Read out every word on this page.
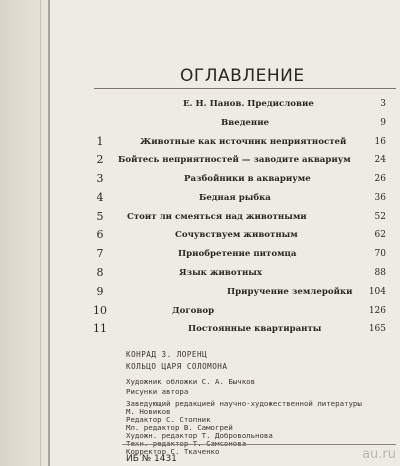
ОГЛАВЛЕНИЕ
Е. Н. Панов. Предисловие	3
Введение	9
1	Животные как источник неприятностей	16
2	Бойтесь неприятностей — заводите аквариум	24
3	Разбойники в аквариуме	26
4	Бедная рыбка	36
5	Стоит ли смеяться над животными	52
6	Сочувствуем животным	62
7	Приобретение питомца	70
8	Язык животных	88
9	Приручение землеройки 104
10	Договор	126
11	Постоянные квартиранты	165
КОНРАД З. ЛОРЕНЦ
КОЛЬЦО ЦАРЯ СОЛОМОНА
Художник обложки С. А. Бычков
Рисунки автора
Заведующий редакцией научно-художественной литературы
М. Новиков
Редактор С. Стопник
Мл. редактор В. Самогрей
Художн. редактор Т. Добровольнова
Корректор С. Ткаченко
ИБ № 1431	au.ru
